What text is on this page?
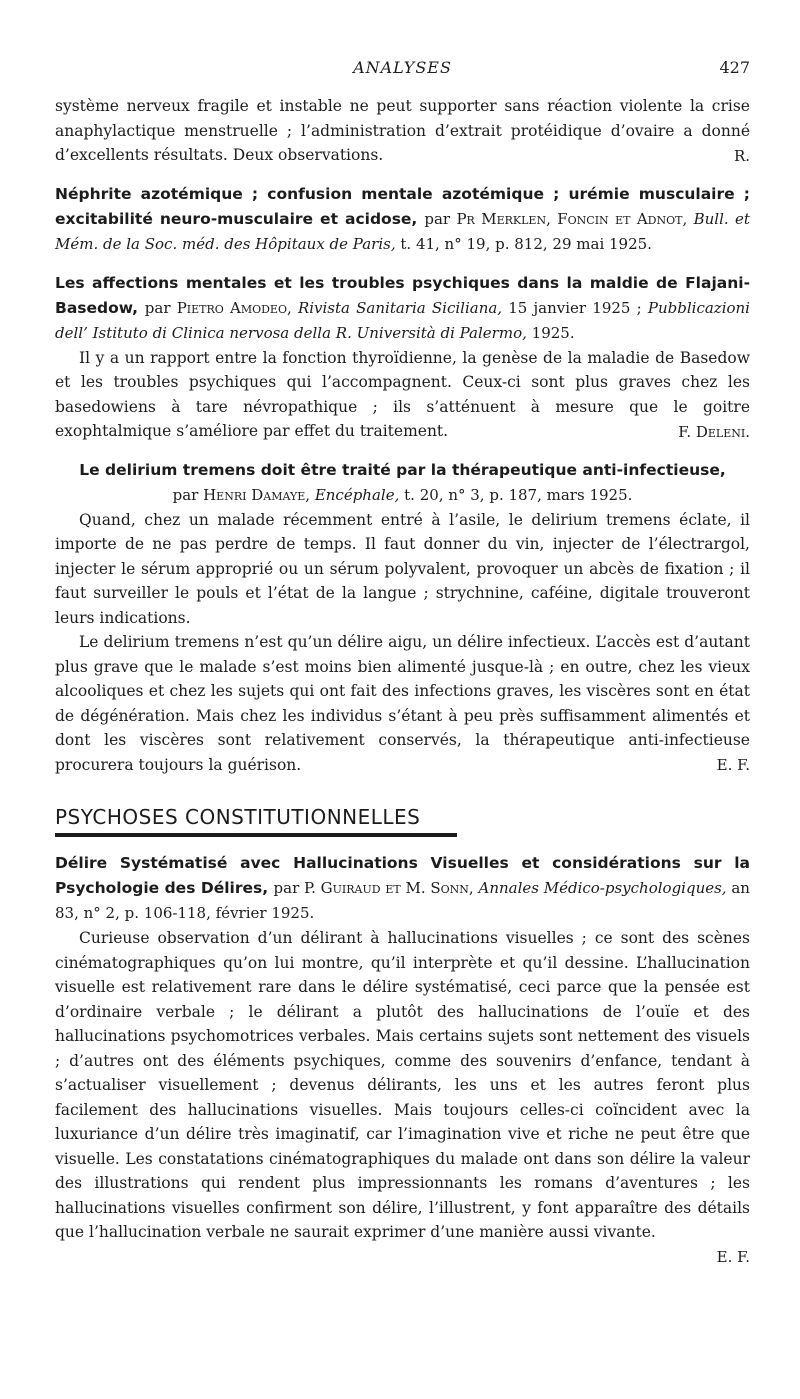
ANALYSES	427

système nerveux fragile et instable ne peut supporter sans réaction violente la crise anaphylactique menstruelle ; l’administration d’extrait protéidique d’ovaire a donné d’excellents résultats. Deux observations.	R.
Néphrite azotémique ; confusion mentale azotémique ; urémie musculaire ; excitabilité neuro-musculaire et acidose, par Pr Merklen, Foncin et Adnot, Bull. et Mém. de la Soc. méd. des Hôpitaux de Paris, t. 41, n° 19, p. 812, 29 mai 1925.
Les affections mentales et les troubles psychiques dans la maldie de Flajani-Basedow, par Pietro Amodeo, Rivista Sanitaria Siciliana, 15 janvier 1925 ; Pubblicazioni dell’ Istituto di Clinica nervosa della R. Università di Palermo, 1925.

Il y a un rapport entre la fonction thyroïdienne, la genèse de la maladie de Basedow et les troubles psychiques qui l’accompagnent. Ceux-ci sont plus graves chez les basedowiens à tare névropathique ; ils s’atténuent à mesure que le goitre exophtalmique s’améliore par effet du traitement.	F. Deleni.
Le delirium tremens doit être traité par la thérapeutique anti-infectieuse,
par Henri Damaye, Encéphale, t. 20, n° 3, p. 187, mars 1925.

Quand, chez un malade récemment entré à l’asile, le delirium tremens éclate, il importe de ne pas perdre de temps. Il faut donner du vin, injecter de l’électrargol, injecter le sérum approprié ou un sérum polyvalent, provoquer un abcès de fixation ; il faut surveiller le pouls et l’état de la langue ; strychnine, caféine, digitale trouveront leurs indications.

Le delirium tremens n’est qu’un délire aigu, un délire infectieux. L’accès est d’autant plus grave que le malade s’est moins bien alimenté jusque-là ; en outre, chez les vieux alcooliques et chez les sujets qui ont fait des infections graves, les viscères sont en état de dégénération. Mais chez les individus s’étant à peu près suffisamment alimentés et dont les viscères sont relativement conservés, la thérapeutique anti-infectieuse procurera toujours la guérison.	E. F.
PSYCHOSES CONSTITUTIONNELLES
Délire Systématisé avec Hallucinations Visuelles et considérations sur la Psychologie des Délires, par P. Guiraud et M. Sonn, Annales Médico-psychologiques, an 83, n° 2, p. 106-118, février 1925.

Curieuse observation d’un délirant à hallucinations visuelles ; ce sont des scènes cinématographiques qu’on lui montre, qu’il interprète et qu’il dessine. L’hallucination visuelle est relativement rare dans le délire systématisé, ceci parce que la pensée est d’ordinaire verbale ; le délirant a plutôt des hallucinations de l’ouïe et des hallucinations psychomotrices verbales. Mais certains sujets sont nettement des visuels ; d’autres ont des éléments psychiques, comme des souvenirs d’enfance, tendant à s’actualiser visuellement ; devenus délirants, les uns et les autres feront plus facilement des hallucinations visuelles. Mais toujours celles-ci coïncident avec la luxuriance d’un délire très imaginatif, car l’imagination vive et riche ne peut être que visuelle. Les constatations cinématographiques du malade ont dans son délire la valeur des illustrations qui rendent plus impressionnants les romans d’aventures ; les hallucinations visuelles confirment son délire, l’illustrent, y font apparaître des détails que l’hallucination verbale ne saurait exprimer d’une manière aussi vivante.

E. F.
